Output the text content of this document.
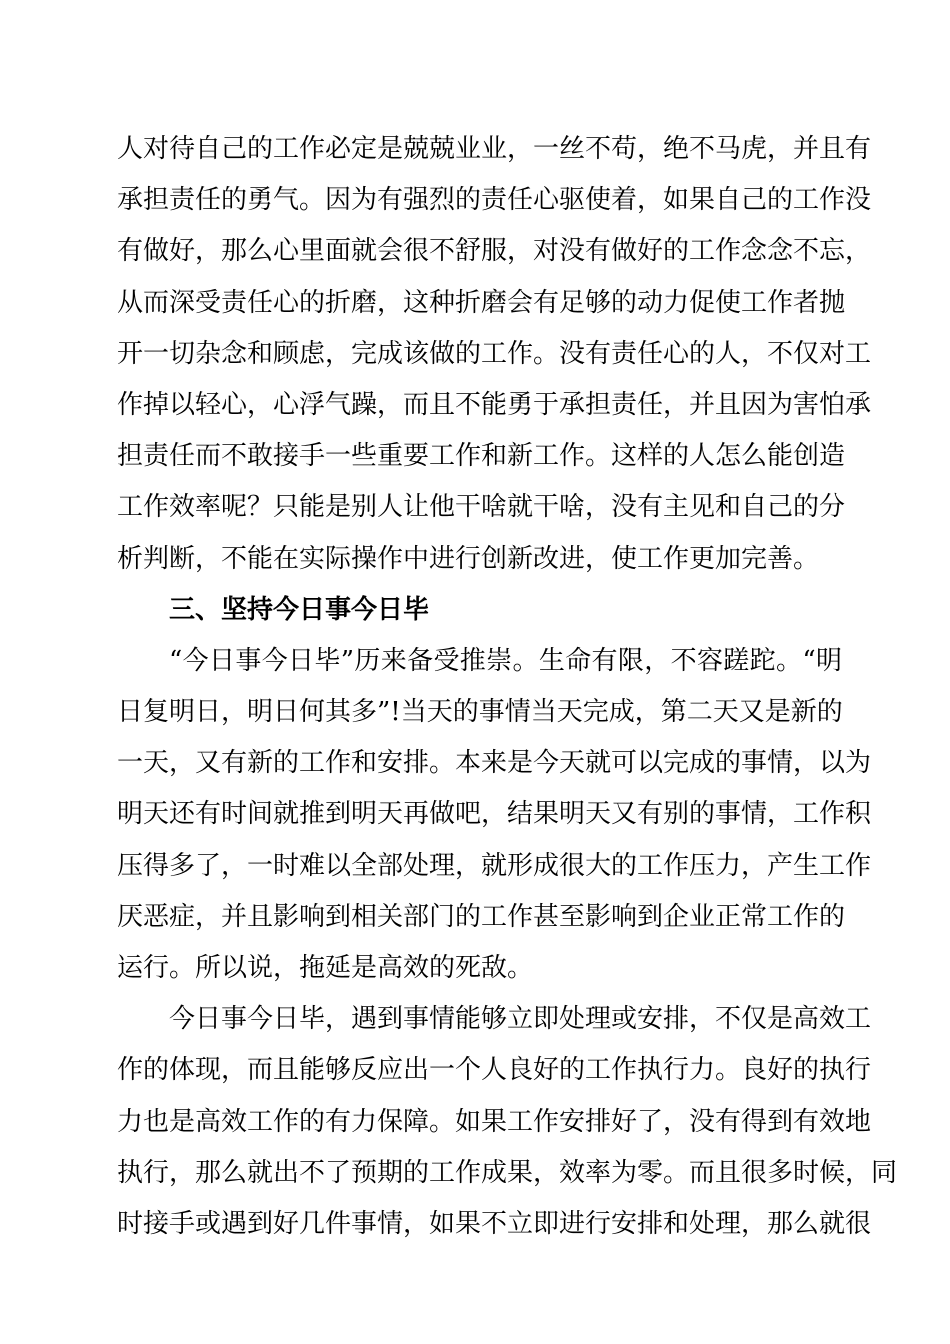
人对待自己的工作必定是兢兢业业，一丝不苟，绝不马虎，并且有
承担责任的勇气。因为有强烈的责任心驱使着，如果自己的工作没
有做好，那么心里面就会很不舒服，对没有做好的工作念念不忘，
从而深受责任心的折磨，这种折磨会有足够的动力促使工作者抛
开一切杂念和顾虑，完成该做的工作。没有责任心的人，不仅对工
作掉以轻心，心浮气躁，而且不能勇于承担责任，并且因为害怕承
担责任而不敢接手一些重要工作和新工作。这样的人怎么能创造
工作效率呢？只能是别人让他干啥就干啥，没有主见和自己的分
析判断，不能在实际操作中进行创新改进，使工作更加完善。
三、坚持今日事今日毕
“今日事今日毕”历来备受推崇。生命有限，不容蹉跎。“明
日复明日，明日何其多”!当天的事情当天完成，第二天又是新的
一天，又有新的工作和安排。本来是今天就可以完成的事情，以为
明天还有时间就推到明天再做吧，结果明天又有别的事情，工作积
压得多了，一时难以全部处理，就形成很大的工作压力，产生工作
厌恶症，并且影响到相关部门的工作甚至影响到企业正常工作的
运行。所以说，拖延是高效的死敌。
今日事今日毕，遇到事情能够立即处理或安排，不仅是高效工
作的体现，而且能够反应出一个人良好的工作执行力。良好的执行
力也是高效工作的有力保障。如果工作安排好了，没有得到有效地
执行，那么就出不了预期的工作成果，效率为零。而且很多时候，同
时接手或遇到好几件事情，如果不立即进行安排和处理，那么就很
